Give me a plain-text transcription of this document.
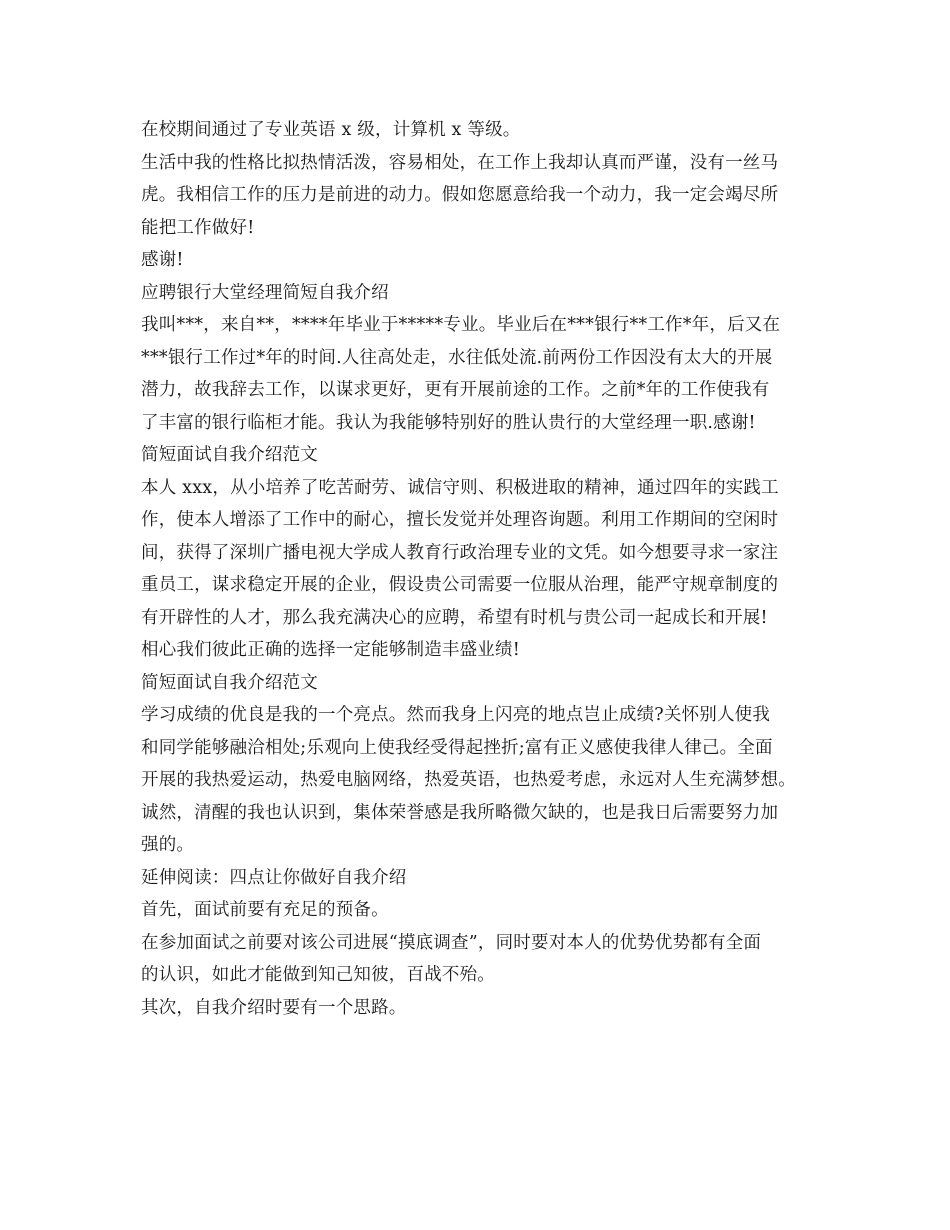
在校期间通过了专业英语 x 级，计算机 x 等级。
生活中我的性格比拟热情活泼，容易相处，在工作上我却认真而严谨，没有一丝马
虎。我相信工作的压力是前进的动力。假如您愿意给我一个动力，我一定会竭尽所
能把工作做好!
感谢!
应聘银行大堂经理简短自我介绍
我叫***，来自**，****年毕业于*****专业。毕业后在***银行**工作*年，后又在
***银行工作过*年的时间.人往高处走，水往低处流.前两份工作因没有太大的开展
潜力，故我辞去工作，以谋求更好，更有开展前途的工作。之前*年的工作使我有
了丰富的银行临柜才能。我认为我能够特别好的胜认贵行的大堂经理一职.感谢!
简短面试自我介绍范文
本人 xxx，从小培养了吃苦耐劳、诚信守则、积极进取的精神，通过四年的实践工
作，使本人增添了工作中的耐心，擅长发觉并处理咨询题。利用工作期间的空闲时
间，获得了深圳广播电视大学成人教育行政治理专业的文凭。如今想要寻求一家注
重员工，谋求稳定开展的企业，假设贵公司需要一位服从治理，能严守规章制度的
有开辟性的人才，那么我充满决心的应聘，希望有时机与贵公司一起成长和开展!
相心我们彼此正确的选择一定能够制造丰盛业绩!
简短面试自我介绍范文
学习成绩的优良是我的一个亮点。然而我身上闪亮的地点岂止成绩?关怀别人使我
和同学能够融洽相处;乐观向上使我经受得起挫折;富有正义感使我律人律己。全面
开展的我热爱运动，热爱电脑网络，热爱英语，也热爱考虑，永远对人生充满梦想。
诚然，清醒的我也认识到，集体荣誉感是我所略微欠缺的，也是我日后需要努力加
强的。
延伸阅读：四点让你做好自我介绍
首先，面试前要有充足的预备。
在参加面试之前要对该公司进展“摸底调查”，同时要对本人的优势优势都有全面
的认识，如此才能做到知己知彼，百战不殆。
其次，自我介绍时要有一个思路。
